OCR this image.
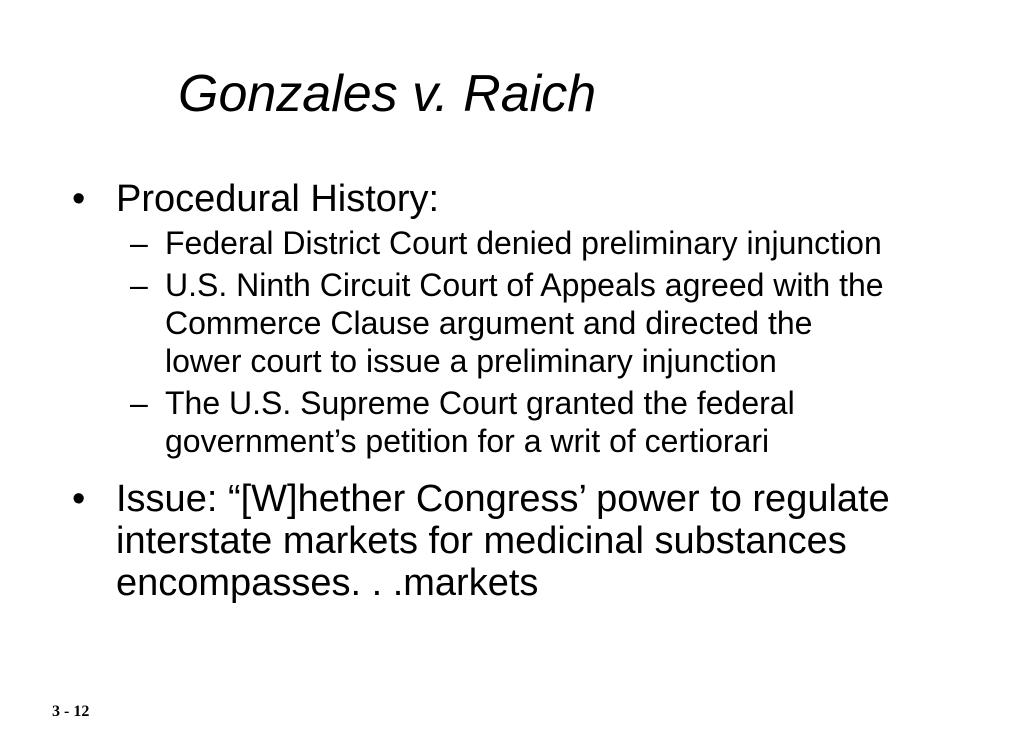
Gonzales v. Raich
• Procedural History:
– Federal District Court denied preliminary injunction
– U.S. Ninth Circuit Court of Appeals agreed with the Commerce Clause argument and directed the lower court to issue a preliminary injunction
– The U.S. Supreme Court granted the federal government’s petition for a writ of certiorari
• Issue: “[W]hether Congress’ power to regulate interstate markets for medicinal substances encompasses. . .markets
3 - 12
